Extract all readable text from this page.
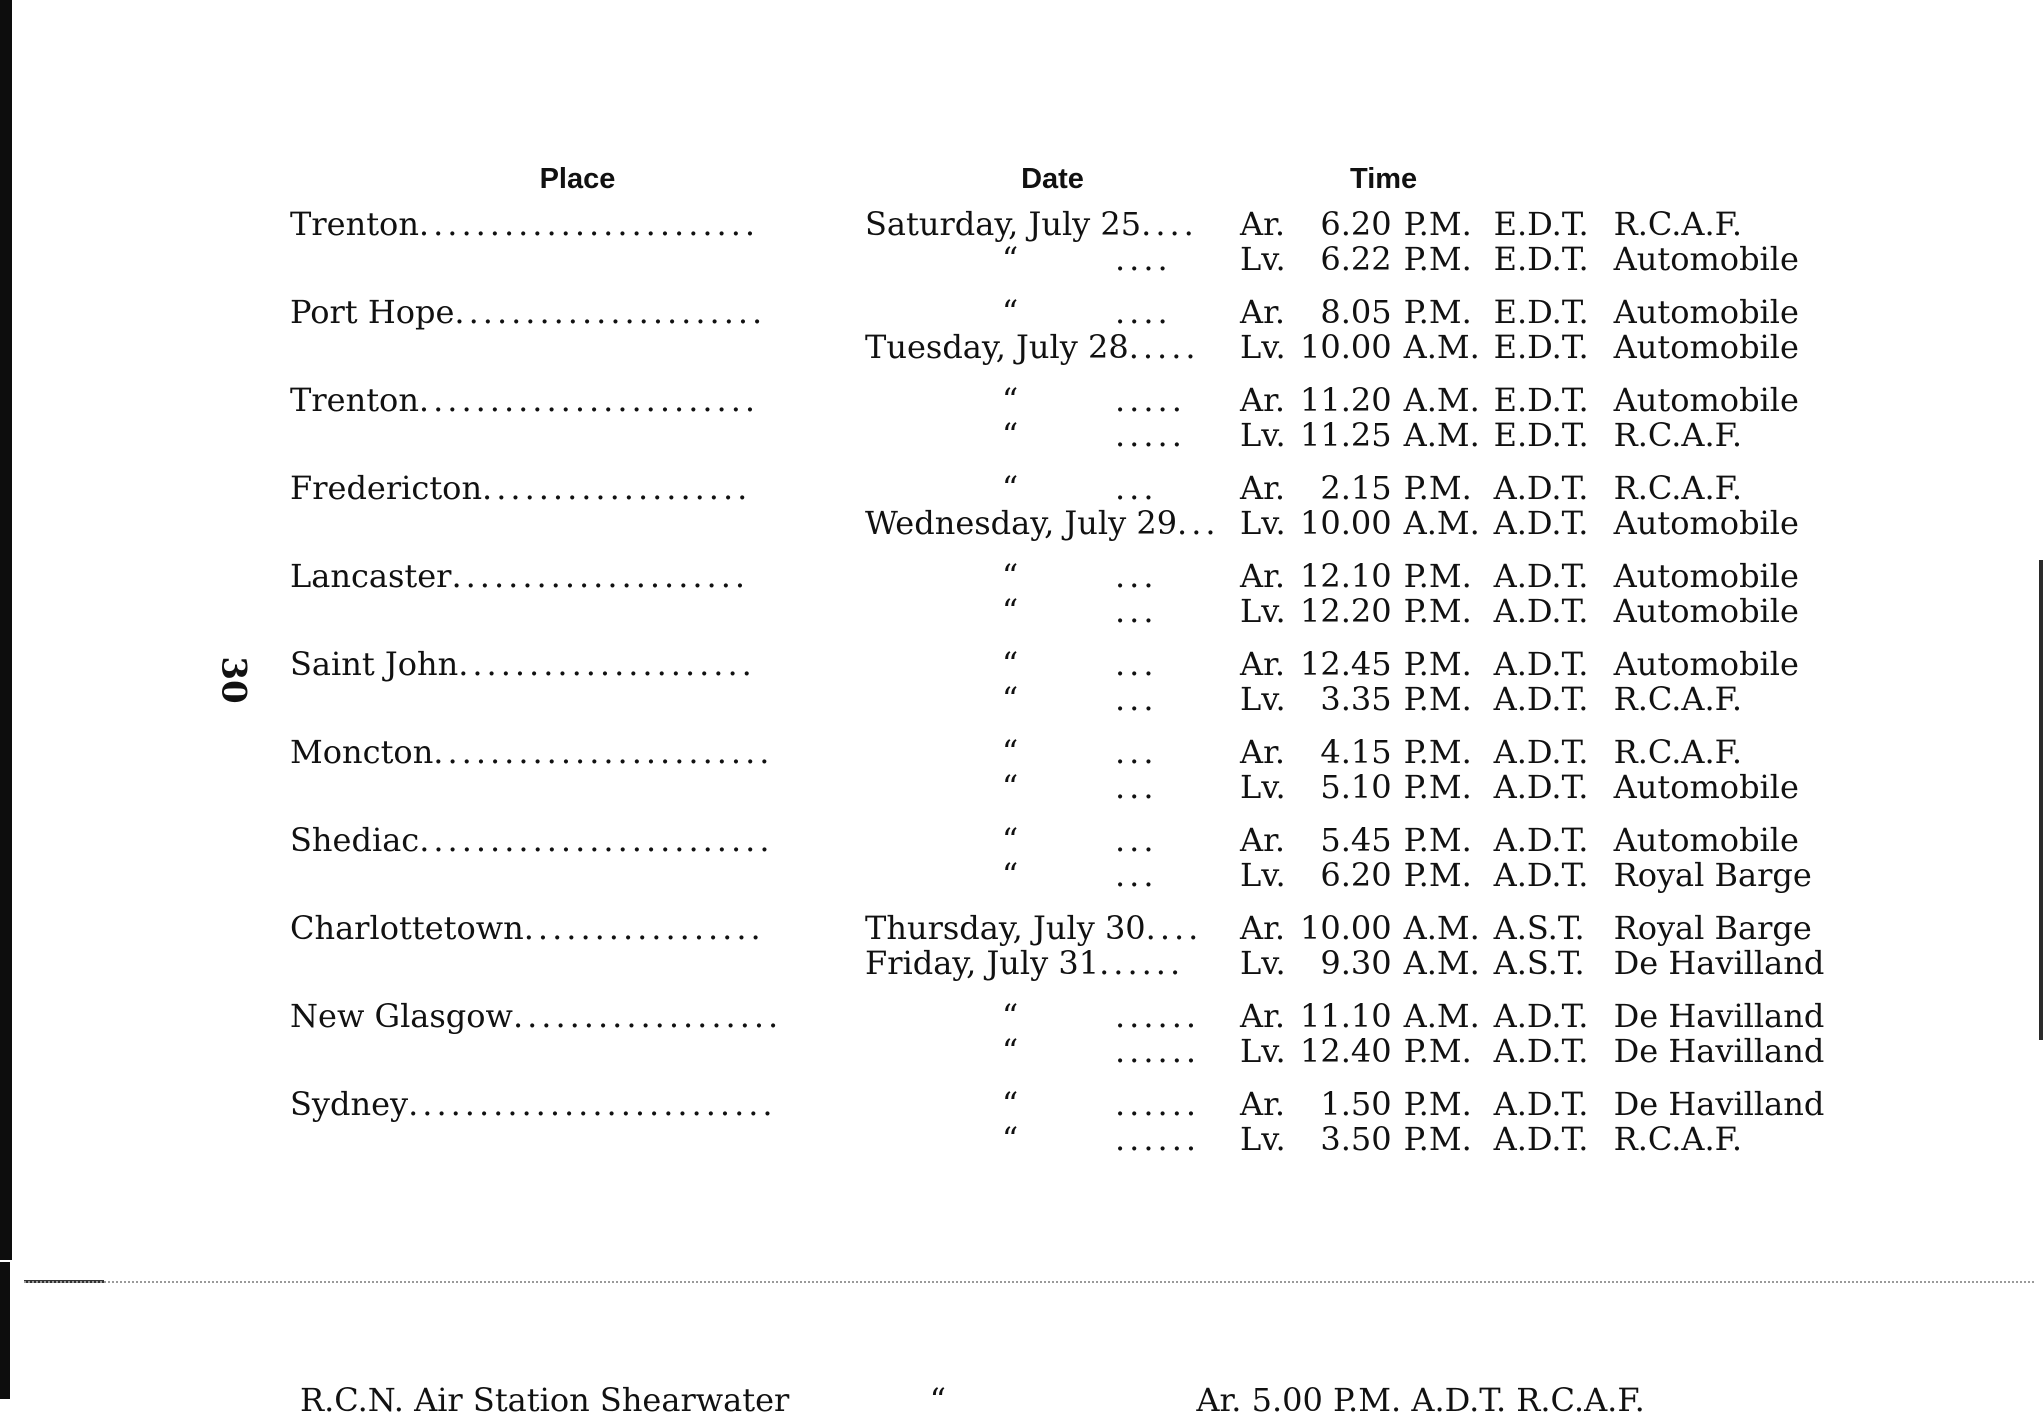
30
Place	Date	Time				
Trenton........................	Saturday, July 25....	Ar.	6.20	P.M.	E.D.T.	R.C.A.F.
	“ ....	Lv.	6.22	P.M.	E.D.T.	Automobile
Port Hope......................	“ ....	Ar.	8.05	P.M.	E.D.T.	Automobile
	Tuesday, July 28.....	Lv.	10.00	A.M.	E.D.T.	Automobile
Trenton........................	“ .....	Ar.	11.20	A.M.	E.D.T.	Automobile
	“ .....	Lv.	11.25	A.M.	E.D.T.	R.C.A.F.
Fredericton...................	“ ...	Ar.	2.15	P.M.	A.D.T.	R.C.A.F.
	Wednesday, July 29...	Lv.	10.00	A.M.	A.D.T.	Automobile
Lancaster.....................	“ ...	Ar.	12.10	P.M.	A.D.T.	Automobile
	“ ...	Lv.	12.20	P.M.	A.D.T.	Automobile
Saint John.....................	“ ...	Ar.	12.45	P.M.	A.D.T.	Automobile
	“ ...	Lv.	3.35	P.M.	A.D.T.	R.C.A.F.
Moncton........................	“ ...	Ar.	4.15	P.M.	A.D.T.	R.C.A.F.
	“ ...	Lv.	5.10	P.M.	A.D.T.	Automobile
Shediac.........................	“ ...	Ar.	5.45	P.M.	A.D.T.	Automobile
	“ ...	Lv.	6.20	P.M.	A.D.T.	Royal Barge
Charlottetown.................	Thursday, July 30....	Ar.	10.00	A.M.	A.S.T.	Royal Barge
	Friday, July 31......	Lv.	9.30	A.M.	A.S.T.	De Havilland
New Glasgow...................	“ ......	Ar.	11.10	A.M.	A.D.T.	De Havilland
	“ ......	Lv.	12.40	P.M.	A.D.T.	De Havilland
Sydney..........................	“ ......	Ar.	1.50	P.M.	A.D.T.	De Havilland
	“ ......	Lv.	3.50	P.M.	A.D.T.	R.C.A.F.
R.C.N. Air Station Shearwater	“	Ar. 5.00 P.M. A.D.T. R.C.A.F.
